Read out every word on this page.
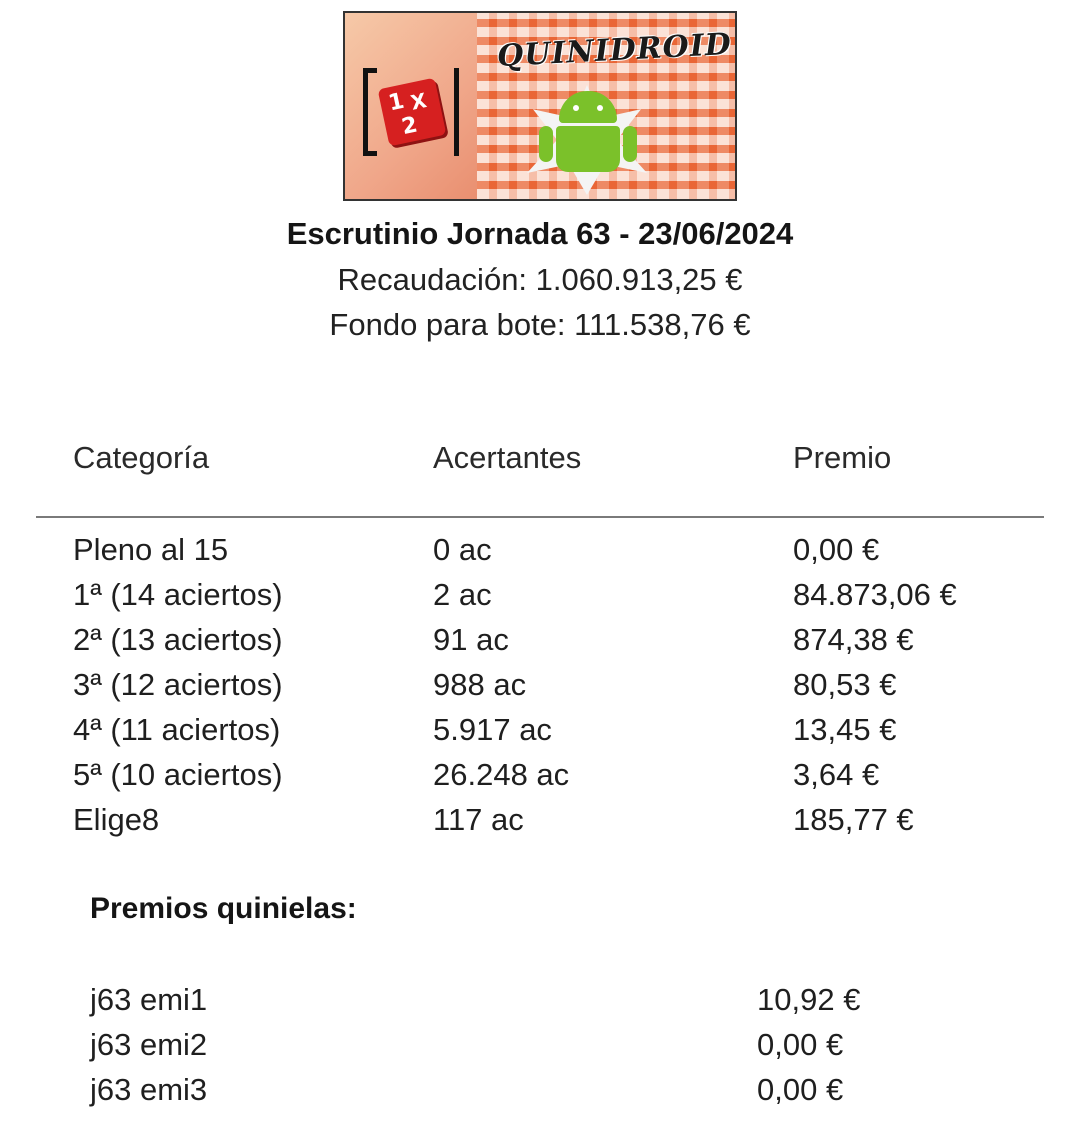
1 X
2
QUINIDROID
Escrutinio Jornada 63 - 23/06/2024
Recaudación: 1.060.913,25 €
Fondo para bote: 111.538,76 €
Categoría	Acertantes	Premio
Pleno al 15	0 ac	0,00 €
1ª (14 aciertos)	2 ac	84.873,06 €
2ª (13 aciertos)	91 ac	874,38 €
3ª (12 aciertos)	988 ac	80,53 €
4ª (11 aciertos)	5.917 ac	13,45 €
5ª (10 aciertos)	26.248 ac	3,64 €
Elige8	117 ac	185,77 €
Premios quinielas:
j63 emi1	10,92 €
j63 emi2	0,00 €
j63 emi3	0,00 €
